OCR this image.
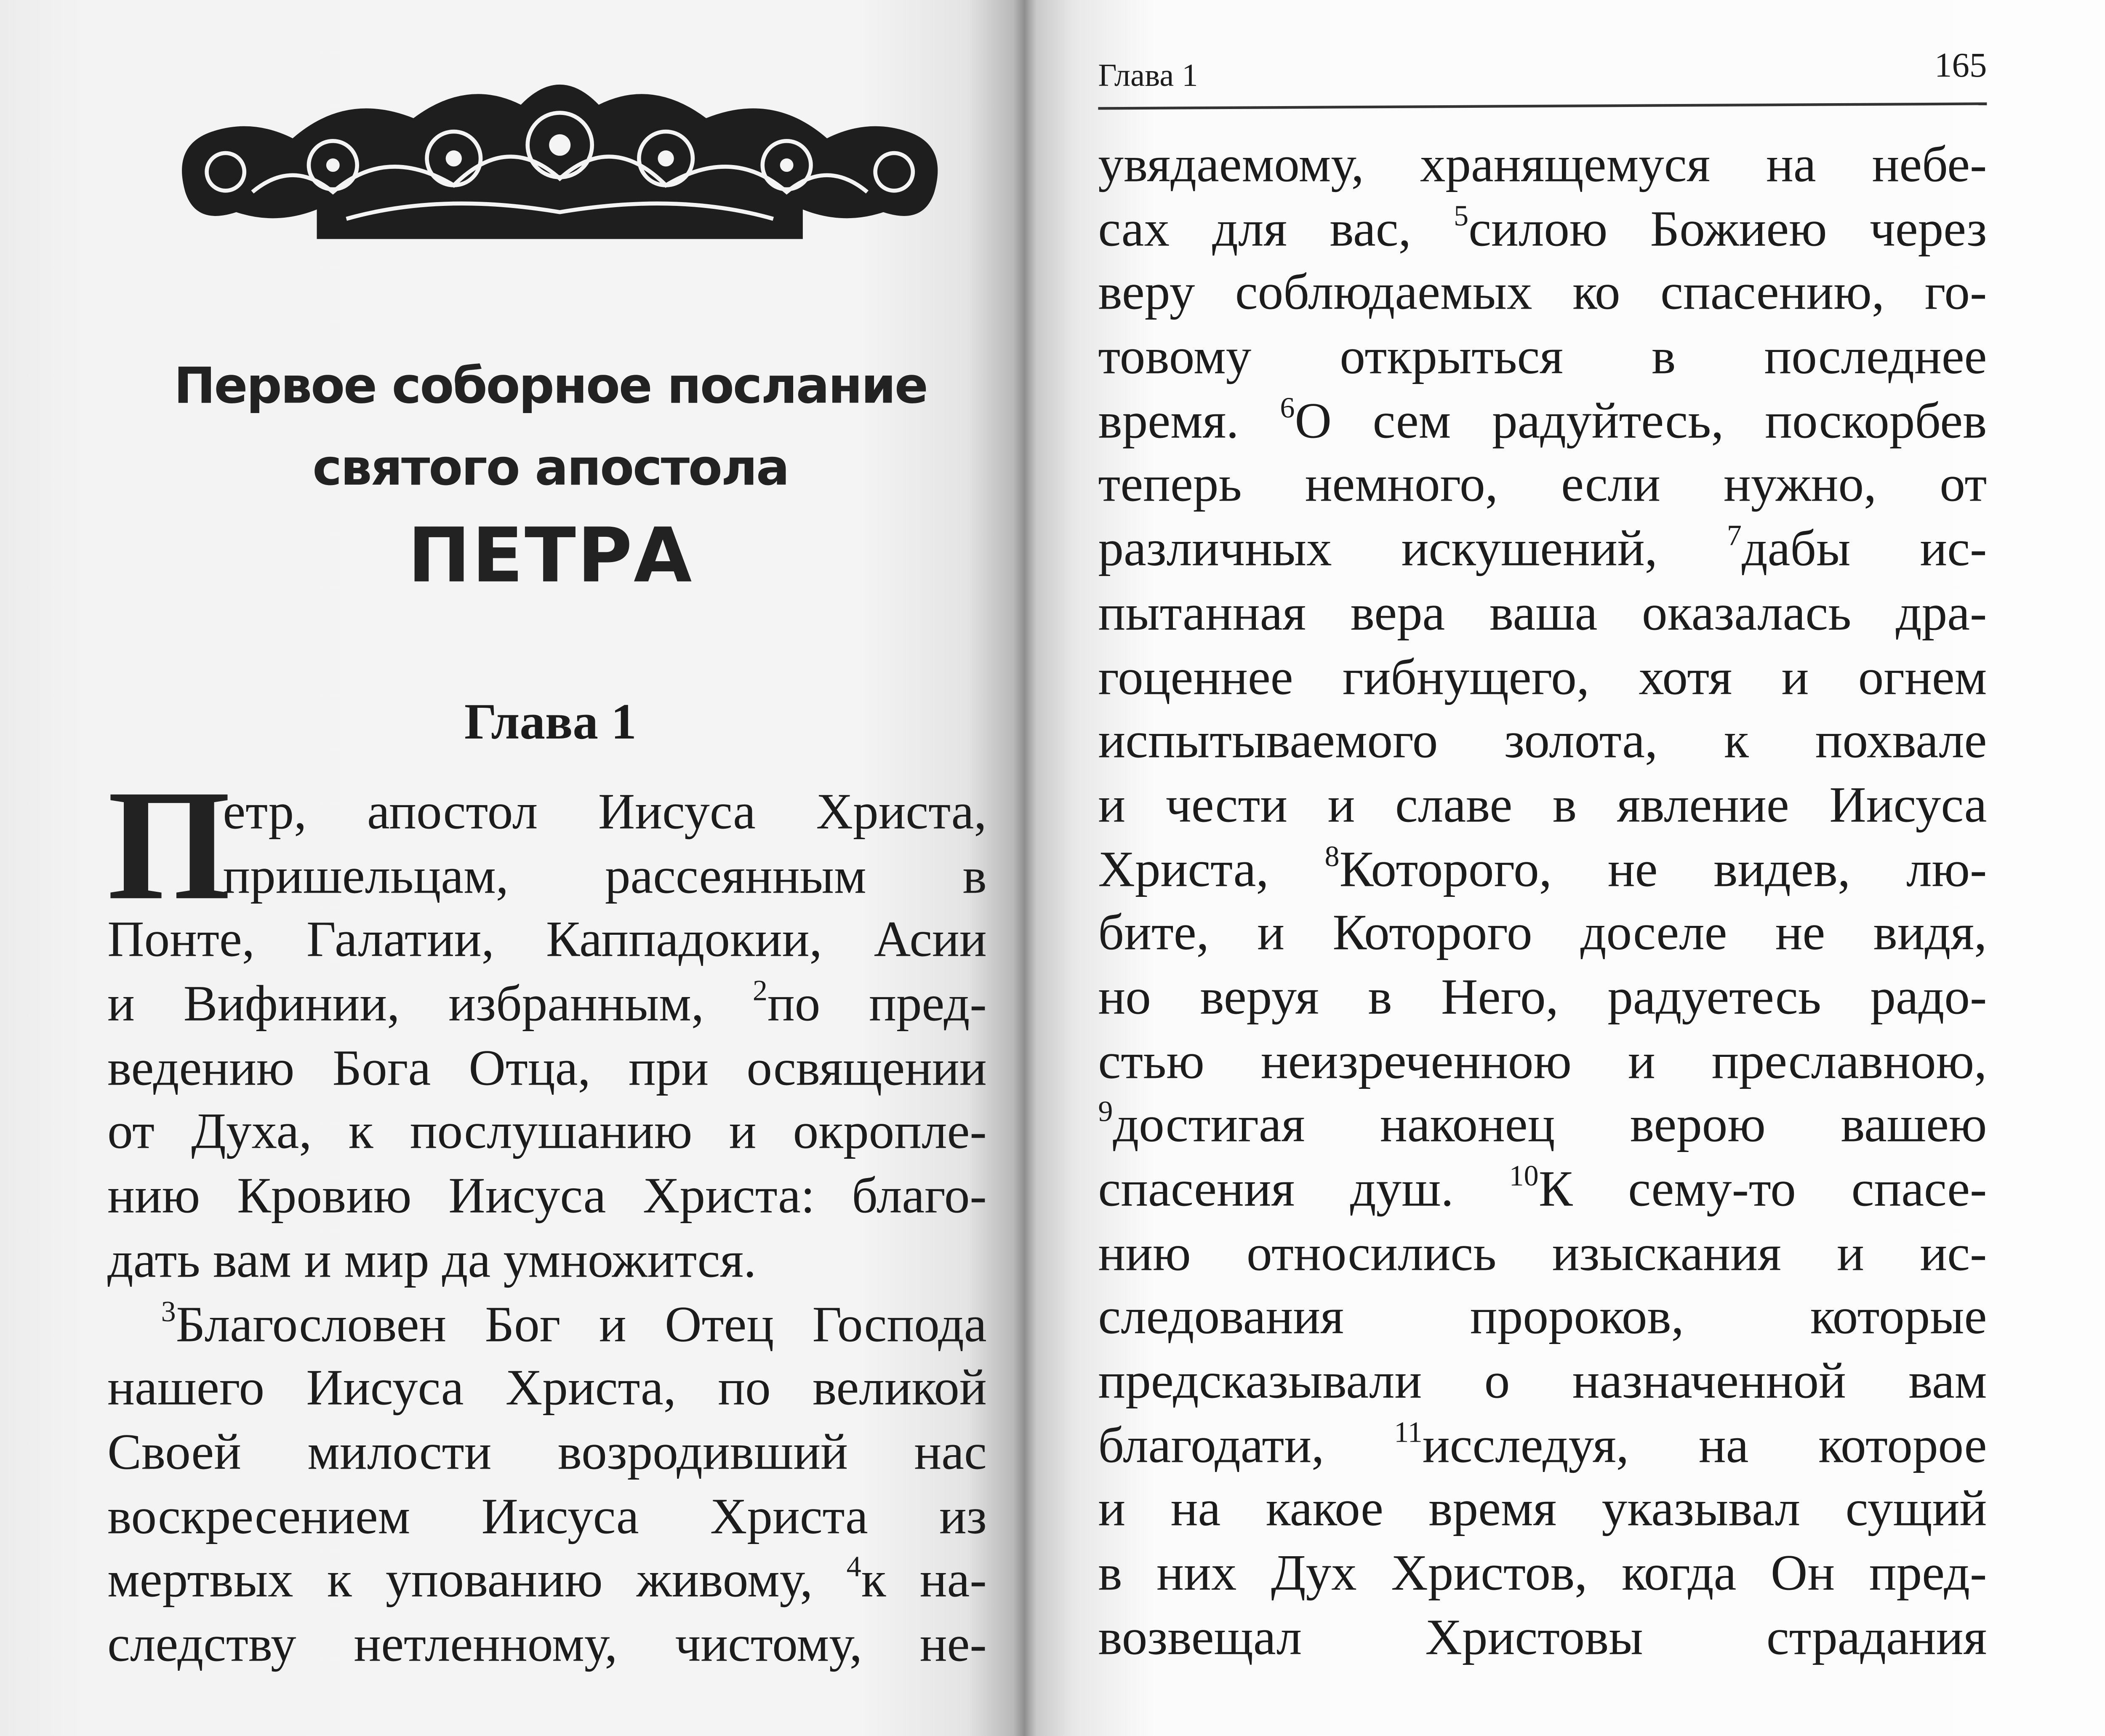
Первое соборное послание
святого апостола
ПЕТРА
Глава 1
П
етр, апостол Иисуса Христа,
пришельцам, рассеянным в
Понте, Галатии, Каппадокии, Асии
и Вифинии, избранным, $^2$по пред-
ведению Бога Отца, при освящении
от Духа, к послушанию и окропле-
нию Кровию Иисуса Христа: благо-
дать вам и мир да умножится.
$^3$Благословен Бог и Отец Господа
нашего Иисуса Христа, по великой
Своей милости возродивший нас
воскресением Иисуса Христа из
мертвых к упованию живому, $^4$к на-
следству нетленному, чистому, не-
Глава 1	165
увядаемому, хранящемуся на небе-
сах для вас, $^5$силою Божиею через
веру соблюдаемых ко спасению, го-
товому открыться в последнее
время. $^6$О сем радуйтесь, поскорбев
теперь немного, если нужно, от
различных искушений, $^7$дабы ис-
пытанная вера ваша оказалась дра-
гоценнее гибнущего, хотя и огнем
испытываемого золота, к похвале
и чести и славе в явление Иисуса
Христа, $^8$Которого, не видев, лю-
бите, и Которого доселе не видя,
но веруя в Него, радуетесь радо-
стью неизреченною и преславною,
$^9$достигая наконец верою вашею
спасения душ. $^{10}$К сему-то спасе-
нию относились изыскания и ис-
следования пророков, которые
предсказывали о назначенной вам
благодати, $^{11}$исследуя, на которое
и на какое время указывал сущий
в них Дух Христов, когда Он пред-
возвещал Христовы страдания
